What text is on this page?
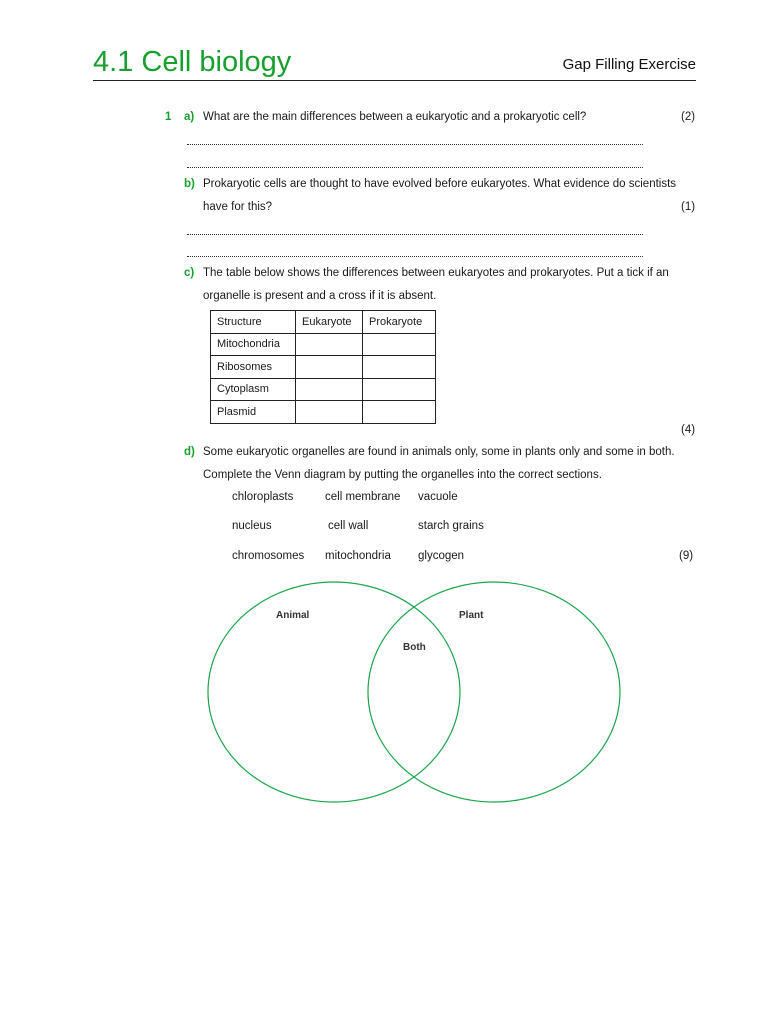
4.1 Cell biology	Gap Filling Exercise
1 a) What are the main differences between a eukaryotic and a prokaryotic cell?	(2)
b) Prokaryotic cells are thought to have evolved before eukaryotes. What evidence do scientists
have for this?	(1)
c) The table below shows the differences between eukaryotes and prokaryotes. Put a tick if an
organelle is present and a cross if it is absent.
Structure	Eukaryote	Prokaryote
Mitochondria		
Ribosomes		
Cytoplasm		
Plasmid		
(4)
d) Some eukaryotic organelles are found in animals only, some in plants only and some in both.
Complete the Venn diagram by putting the organelles into the correct sections.
chloroplasts	cell membrane vacuole
nucleus	cell wall	starch grains
chromosomes mitochondria glycogen	(9)
Animal	Plant
Both
